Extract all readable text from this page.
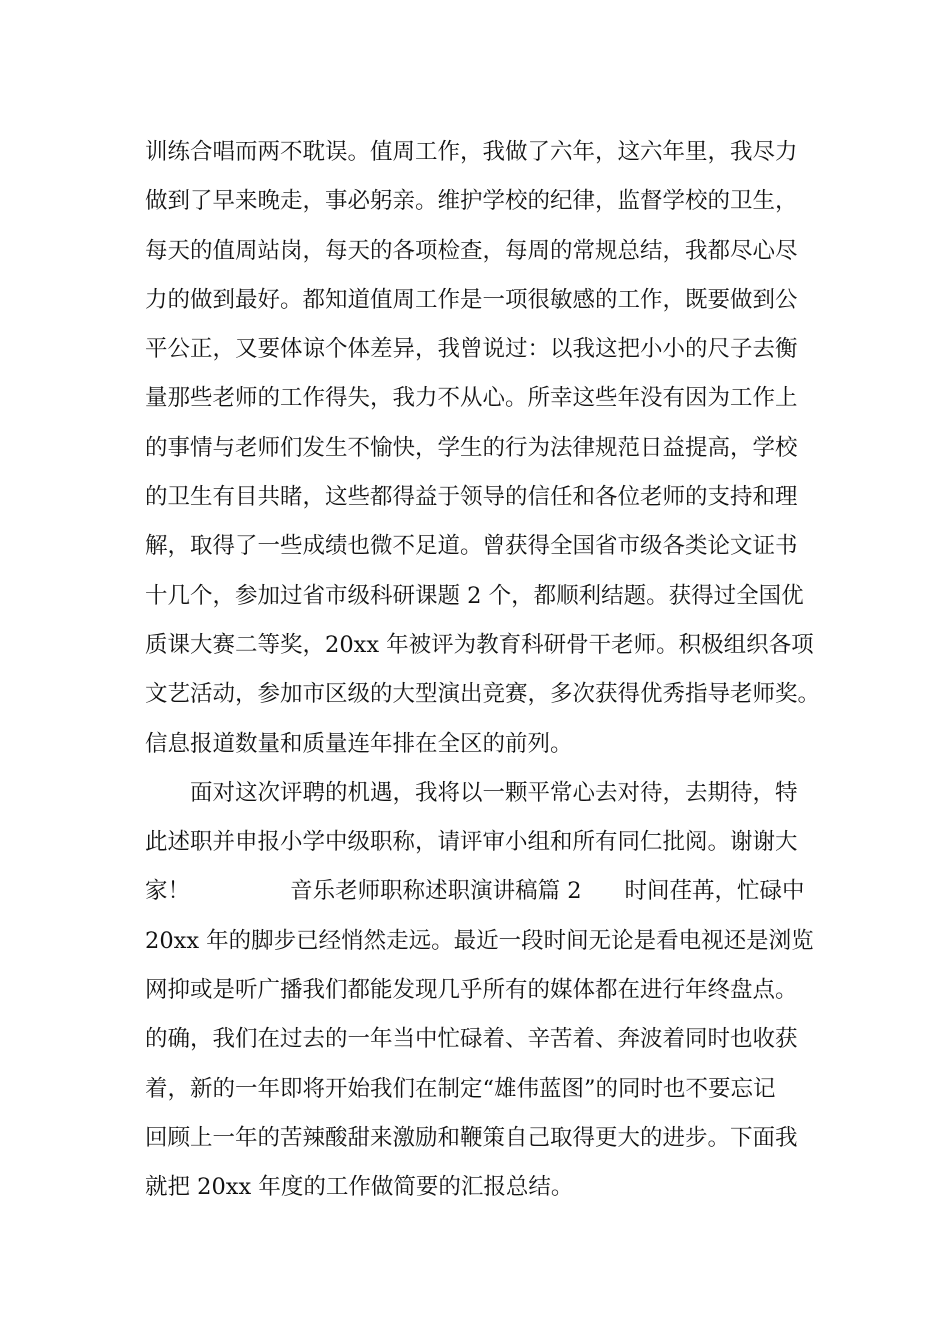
训练合唱而两不耽误。值周工作，我做了六年，这六年里，我尽力
做到了早来晚走，事必躬亲。维护学校的纪律，监督学校的卫生，
每天的值周站岗，每天的各项检查，每周的常规总结，我都尽心尽
力的做到最好。都知道值周工作是一项很敏感的工作，既要做到公
平公正，又要体谅个体差异，我曾说过：以我这把小小的尺子去衡
量那些老师的工作得失，我力不从心。所幸这些年没有因为工作上
的事情与老师们发生不愉快，学生的行为法律规范日益提高，学校
的卫生有目共睹，这些都得益于领导的信任和各位老师的支持和理
解，取得了一些成绩也微不足道。曾获得全国省市级各类论文证书
十几个，参加过省市级科研课题 2 个，都顺利结题。获得过全国优
质课大赛二等奖，20xx 年被评为教育科研骨干老师。积极组织各项
文艺活动，参加市区级的大型演出竞赛，多次获得优秀指导老师奖。
信息报道数量和质量连年排在全区的前列。
面对这次评聘的机遇，我将以一颗平常心去对待，去期待，特
此述职并申报小学中级职称，请评审小组和所有同仁批阅。谢谢大
家！              音乐老师职称述职演讲稿篇 2      时间荏苒，忙碌中
20xx 年的脚步已经悄然走远。最近一段时间无论是看电视还是浏览
网抑或是听广播我们都能发现几乎所有的媒体都在进行年终盘点。
的确，我们在过去的一年当中忙碌着、辛苦着、奔波着同时也收获
着，新的一年即将开始我们在制定“雄伟蓝图”的同时也不要忘记
回顾上一年的苦辣酸甜来激励和鞭策自己取得更大的进步。下面我
就把 20xx 年度的工作做简要的汇报总结。
